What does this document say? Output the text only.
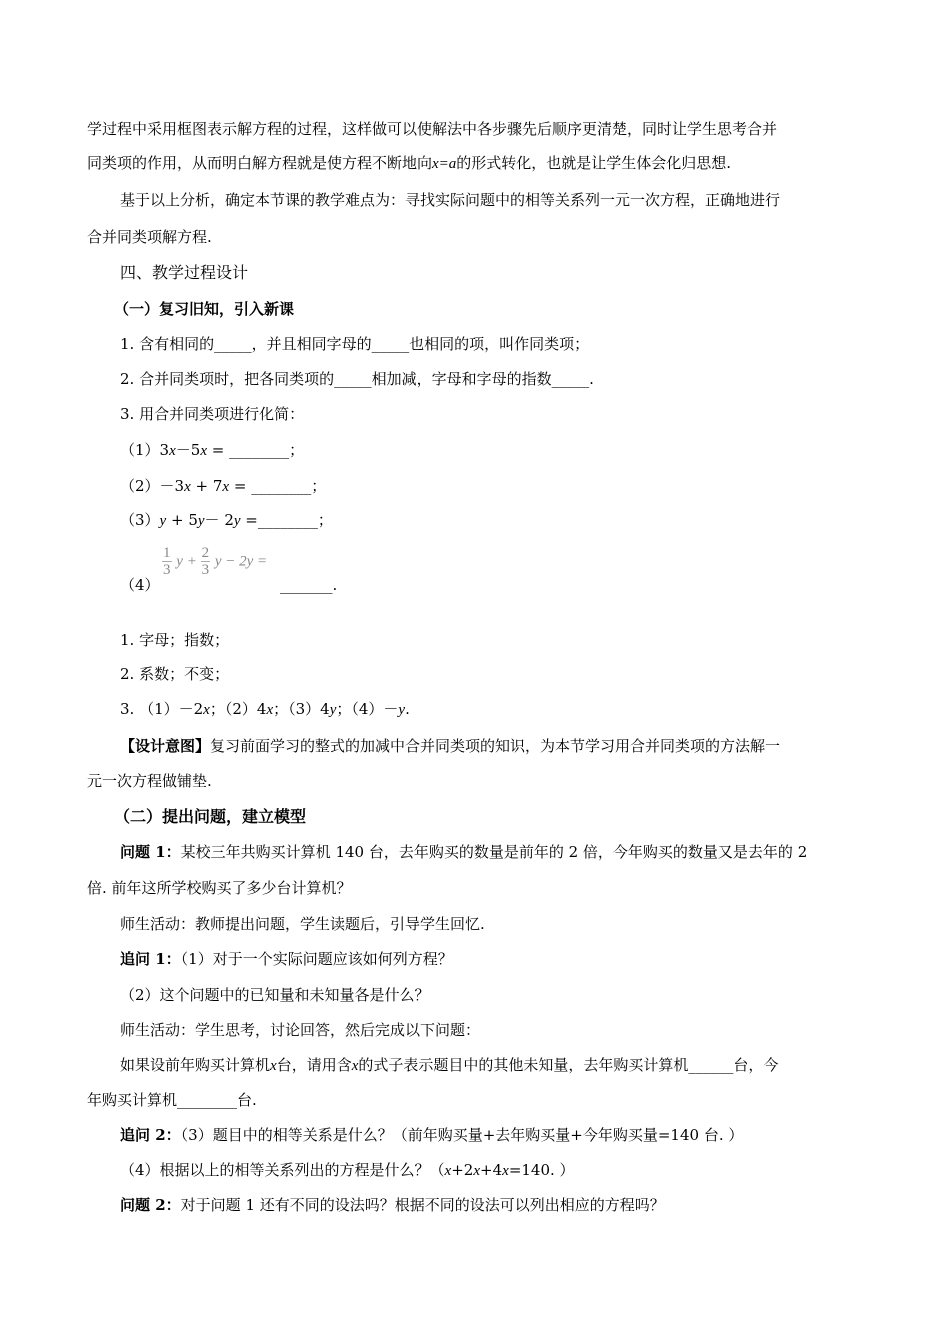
学过程中采用框图表示解方程的过程，这样做可以使解法中各步骤先后顺序更清楚，同时让学生思考合并
同类项的作用，从而明白解方程就是使方程不断地向x=a的形式转化，也就是让学生体会化归思想.
基于以上分析，确定本节课的教学难点为：寻找实际问题中的相等关系列一元一次方程，正确地进行
合并同类项解方程.
四、教学过程设计
（一）复习旧知，引入新课
1. 含有相同的_____，并且相同字母的_____也相同的项，叫作同类项；
2. 合并同类项时，把各同类项的_____相加减，字母和字母的指数_____.
3. 用合并同类项进行化简：
（1）3x－5x = ________；
（2）－3x + 7x = ________；
（3）y + 5y－ 2y =________；
（4）
$\frac{1}{3}$ $y + \frac{2}{3}$ y − 2y =
_______.
1. 字母；指数；
2. 系数；不变；
3. （1）－2x；（2）4x；（3）4y；（4）－y.
【设计意图】复习前面学习的整式的加减中合并同类项的知识，为本节学习用合并同类项的方法解一
元一次方程做铺垫.
（二）提出问题，建立模型
问题 1：某校三年共购买计算机 140 台，去年购买的数量是前年的 2 倍，今年购买的数量又是去年的 2
倍. 前年这所学校购买了多少台计算机？
师生活动：教师提出问题，学生读题后，引导学生回忆.
追问 1：（1）对于一个实际问题应该如何列方程？
（2）这个问题中的已知量和未知量各是什么？
师生活动：学生思考，讨论回答，然后完成以下问题：
如果设前年购买计算机x台，请用含x的式子表示题目中的其他未知量，去年购买计算机______台，今
年购买计算机________台.
追问 2：（3）题目中的相等关系是什么？（前年购买量+去年购买量+今年购买量=140 台. ）
（4）根据以上的相等关系列出的方程是什么？（x+2x+4x=140. ）
问题 2：对于问题 1 还有不同的设法吗？根据不同的设法可以列出相应的方程吗？
